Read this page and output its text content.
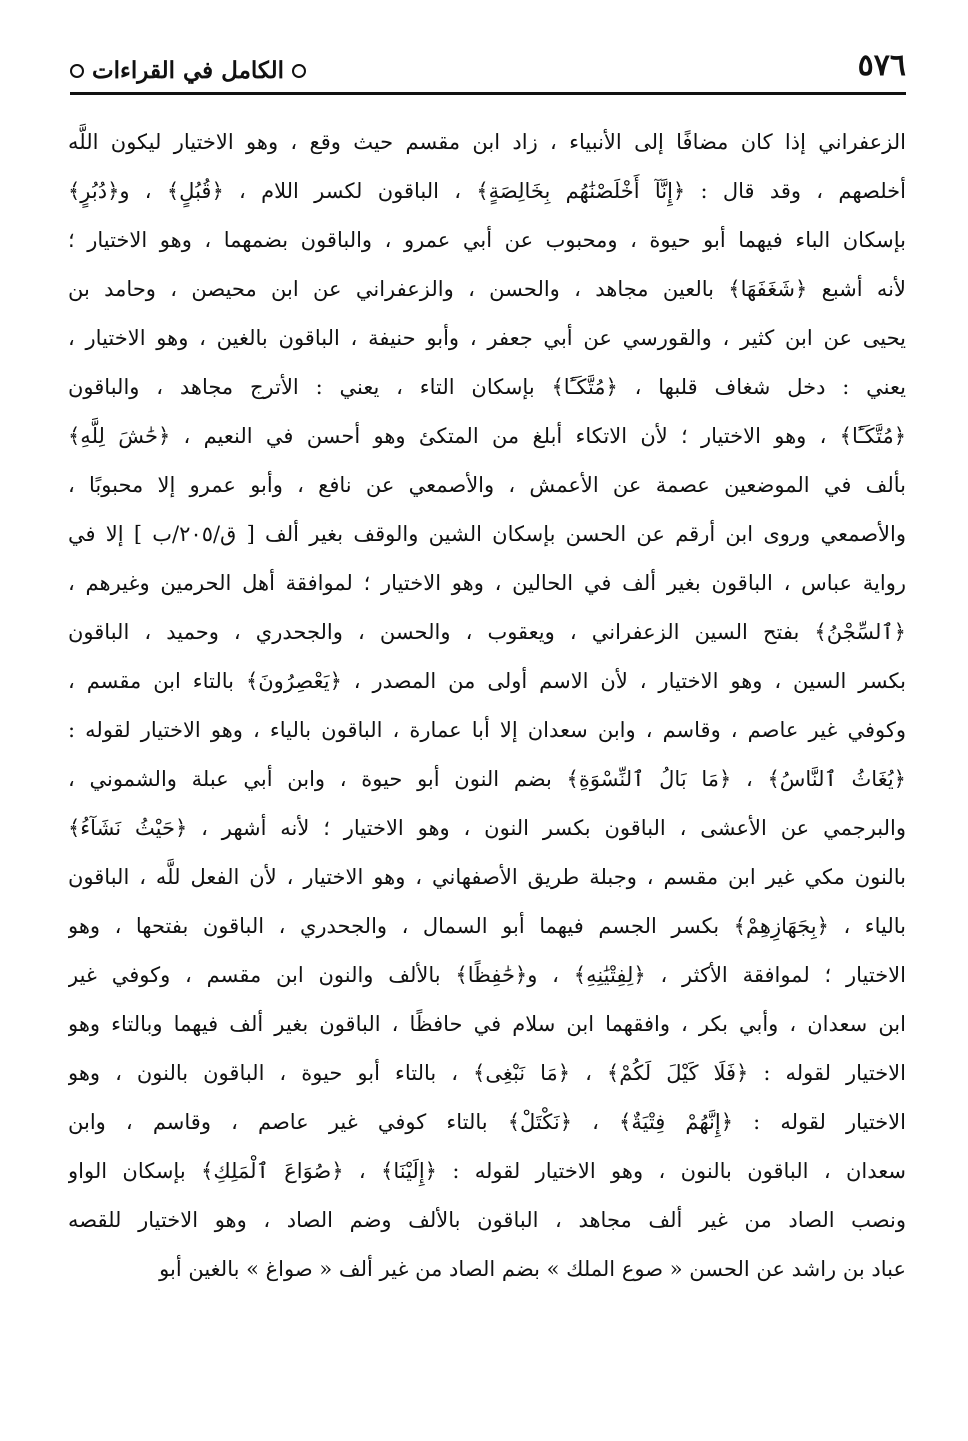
٥٧٦
الكامل في القراءات
الزعفراني إذا كان مضافًا إلى الأنبياء ، زاد ابن مقسم حيث وقع ، وهو الاختيار ليكون اللَّه
أخلصهم ، وقد قال : ﴿إِنَّآ أَخْلَصْنَٰهُم بِخَالِصَةٍ﴾ ، الباقون لكسر اللام ، ﴿قُبُلٍ﴾ ، و﴿دُبُرٍ﴾
بإسكان الباء فيهما أبو حيوة ، ومحبوب عن أبي عمرو ، والباقون بضمهما ، وهو الاختيار ؛
لأنه أشبع ﴿شَغَفَهَا﴾ بالعين مجاهد ، والحسن ، والزعفراني عن ابن محيصن ، وحامد بن
يحيى عن ابن كثير ، والقورسي عن أبي جعفر ، وأبو حنيفة ، الباقون بالغين ، وهو الاختيار ،
يعني : دخل شغاف قلبها ، ﴿مُتَّكَـًٔا﴾ بإسكان التاء ، يعني : الأترج مجاهد ، والباقون
﴿مُتَّكَـًٔا﴾ ، وهو الاختيار ؛ لأن الاتكاء أبلغ من المتكئ وهو أحسن في النعيم ، ﴿حَٰشَ لِلَّهِ﴾
بألف في الموضعين عصمة عن الأعمش ، والأصمعي عن نافع ، وأبو عمرو إلا محبوبًا ،
والأصمعي وروى ابن أرقم عن الحسن بإسكان الشين والوقف بغير ألف [ ق/٢٠٥/ب ] إلا في
رواية عباس ، الباقون بغير ألف في الحالين ، وهو الاختيار ؛ لموافقة أهل الحرمين وغيرهم ،
﴿ٱلسِّجْنُ﴾ بفتح السين الزعفراني ، ويعقوب ، والحسن ، والجحدري ، وحميد ، الباقون
بكسر السين ، وهو الاختيار ، لأن الاسم أولى من المصدر ، ﴿يَعْصِرُونَ﴾ بالتاء ابن مقسم ،
وكوفي غير عاصم ، وقاسم ، وابن سعدان إلا أبا عمارة ، الباقون بالياء ، وهو الاختيار لقوله :
﴿يُغَاثُ ٱلنَّاسُ﴾ ، ﴿مَا بَالُ ٱلنِّسْوَةِ﴾ بضم النون أبو حيوة ، وابن أبي عبلة والشموني ،
والبرجمي عن الأعشى ، الباقون بكسر النون ، وهو الاختيار ؛ لأنه أشهر ، ﴿حَيْثُ نَشَآءُ﴾
بالنون مكي غير ابن مقسم ، وجبلة طريق الأصفهاني ، وهو الاختيار ، لأن الفعل للَّه ، الباقون
بالياء ، ﴿بِجَهَازِهِمْ﴾ بكسر الجسم فيهما أبو السمال ، والجحدري ، الباقون بفتحها ، وهو
الاختيار ؛ لموافقة الأكثر ، ﴿لِفِتْيَٰنِهِ﴾ ، و﴿حَٰفِظًا﴾ بالألف والنون ابن مقسم ، وكوفي غير
ابن سعدان ، وأبي بكر ، وافقهما ابن سلام في حافظًا ، الباقون بغير ألف فيهما وبالتاء وهو
الاختيار لقوله : ﴿فَلَا كَيْلَ لَكُمْ﴾ ، ﴿مَا نَبْغِى﴾ ، بالتاء أبو حيوة ، الباقون بالنون ، وهو
الاختيار لقوله : ﴿إِنَّهُمْ فِتْيَةٌ﴾ ، ﴿نَكْتَلْ﴾ بالتاء كوفي غير عاصم ، وقاسم ، وابن
سعدان ، الباقون بالنون ، وهو الاختيار لقوله : ﴿إِلَيْنَا﴾ ، ﴿صُوَاعَ ٱلْمَلِكِ﴾ بإسكان الواو
ونصب الصاد من غير ألف مجاهد ، الباقون بالألف وضم الصاد ، وهو الاختيار للقصه
عباد بن راشد عن الحسن « صوع الملك » بضم الصاد من غير ألف « صواغ » بالغين أبو
